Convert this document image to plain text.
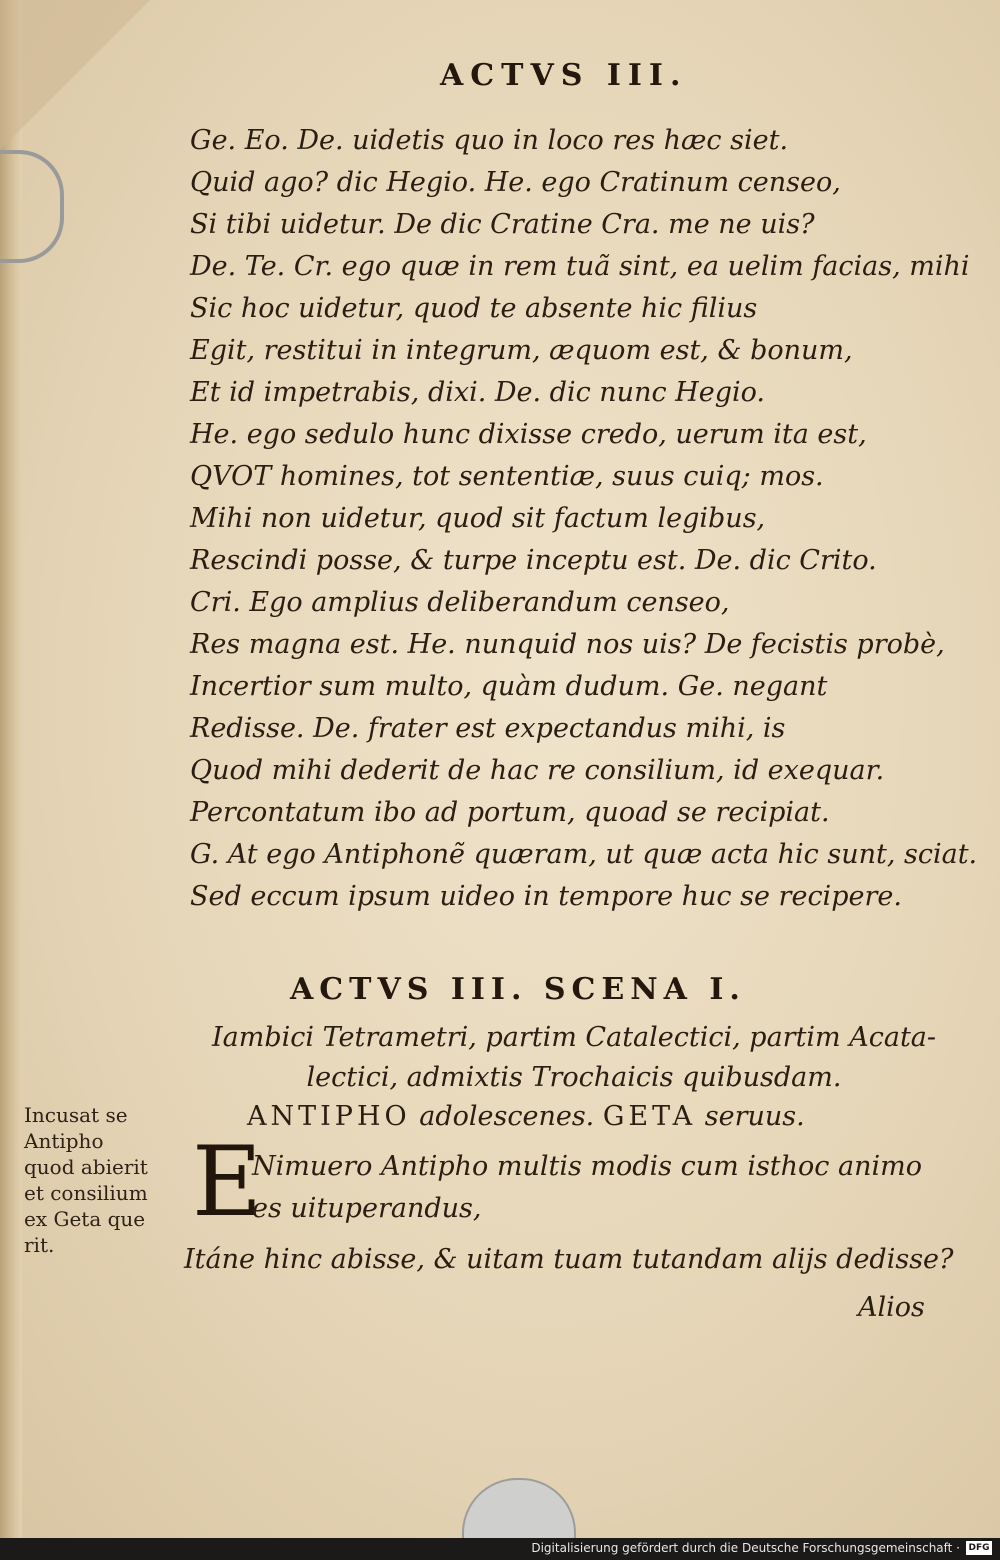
ACTVS III.
Ge. Eo. De. uidetis quo in loco res hæc siet.
Quid ago? dic Hegio. He. ego Cratinum censeo,
Si tibi uidetur. De dic Cratine Cra. me ne uis?
De. Te. Cr. ego quæ in rem tuã sint, ea uelim facias, mihi
Sic hoc uidetur, quod te absente hic filius
Egit, restitui in integrum, æquom est, & bonum,
Et id impetrabis, dixi. De. dic nunc Hegio.
He. ego sedulo hunc dixisse credo, uerum ita est,
QVOT homines, tot sententiæ, suus cuiq; mos.
Mihi non uidetur, quod sit factum legibus,
Rescindi posse, & turpe inceptu est. De. dic Crito.
Cri. Ego amplius deliberandum censeo,
Res magna est. He. nunquid nos uis? De fecistis probè,
Incertior sum multo, quàm dudum. Ge. negant
Redisse. De. frater est expectandus mihi, is
Quod mihi dederit de hac re consilium, id exequar.
Percontatum ibo ad portum, quoad se recipiat.
G. At ego Antiphonẽ quæram, ut quæ acta hic sunt, sciat.
Sed eccum ipsum uideo in tempore huc se recipere.
ACTVS III. SCENA I.
Iambici Tetrametri, partim Catalectici, partim Acata-
lectici, admixtis Trochaicis quibusdam.
ANTIPHO adolescenes. GETA seruus.
Incusat se
Antipho
quod abierit
et consilium
ex Geta que
rit.
E
Nimuero Antipho multis modis cum isthoc animo
es uituperandus,
Itáne hinc abisse, & uitam tuam tutandam alijs dedisse?
Alios
Digitalisierung gefördert durch die Deutsche Forschungsgemeinschaft · DFG
